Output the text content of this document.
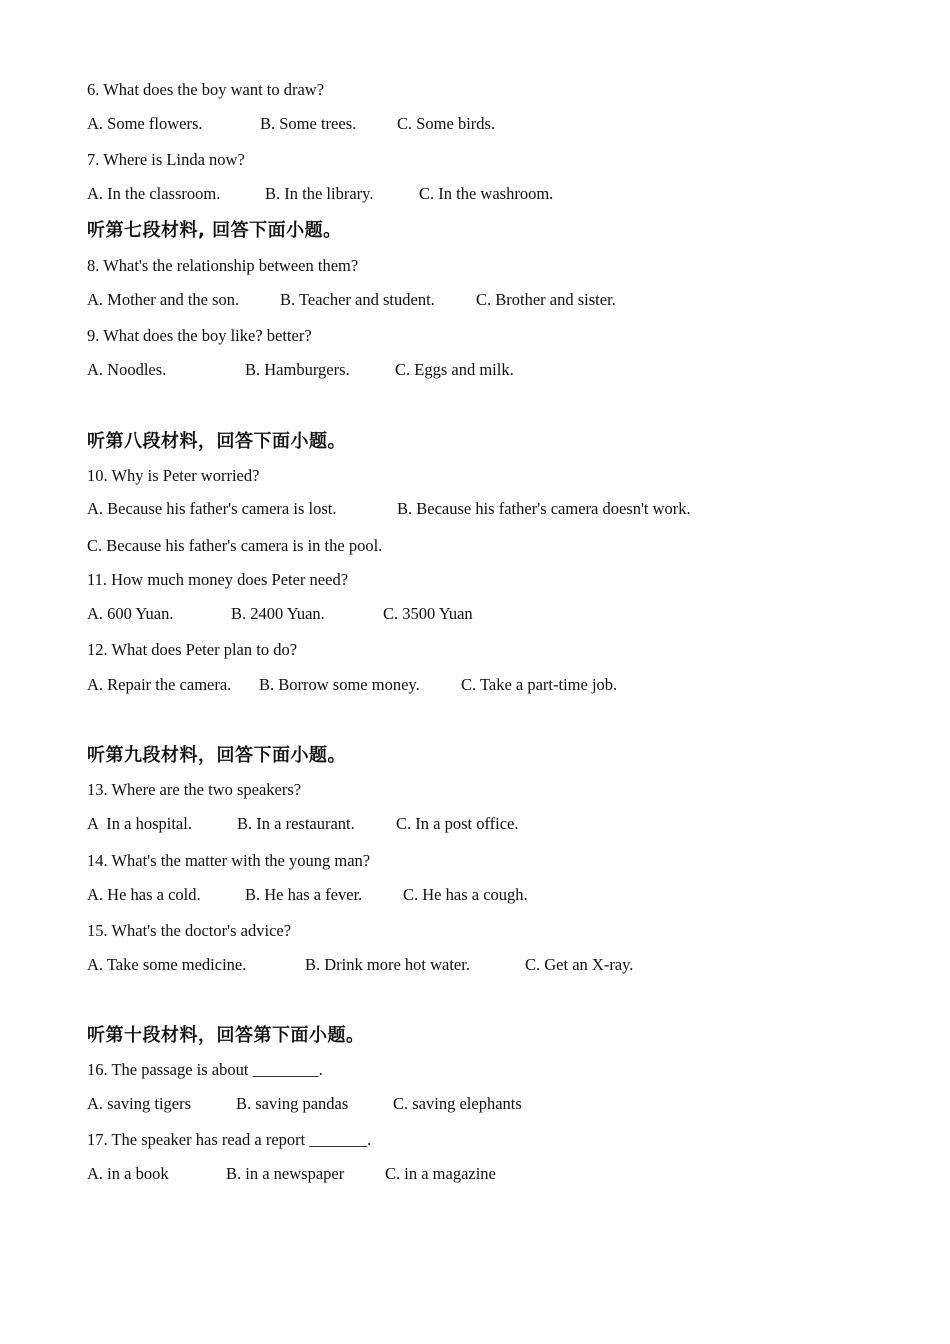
6. What does the boy want to draw?
A. Some flowers.	B. Some trees. C. Some birds.
7. Where is Linda now?
A. In the classroom.	B. In the library.	C. In the washroom.
听第七段材料, 回答下面小题。
8. What's the relationship between them?
A. Mother and the son. B. Teacher and student. C. Brother and sister.
9. What does the boy like? better?
A. Noodles.	B. Hamburgers.	C. Eggs and milk.
听第八段材料，回答下面小题。
10. Why is Peter worried?
A. Because his father's camera is lost.	B. Because his father's camera doesn't work.
C. Because his father's camera is in the pool.
11. How much money does Peter need?
A. 600 Yuan.	B. 2400 Yuan.	C. 3500 Yuan
12. What does Peter plan to do?
A. Repair the camera. B. Borrow some money.	C. Take a part-time job.
听第九段材料，回答下面小题。
13. Where are the two speakers?
A  In a hospital.	B. In a restaurant.	C. In a post office.
14. What's the matter with the young man?
A. He has a cold.	B. He has a fever. C. He has a cough.
15. What's the doctor's advice?
A. Take some medicine.	B. Drink more hot water.	C. Get an X-ray.
听第十段材料，回答第下面小题。
16. The passage is about ________.
A. saving tigers	B. saving pandas	C. saving elephants
17. The speaker has read a report _______.
A. in a book	B. in a newspaper C. in a magazine
